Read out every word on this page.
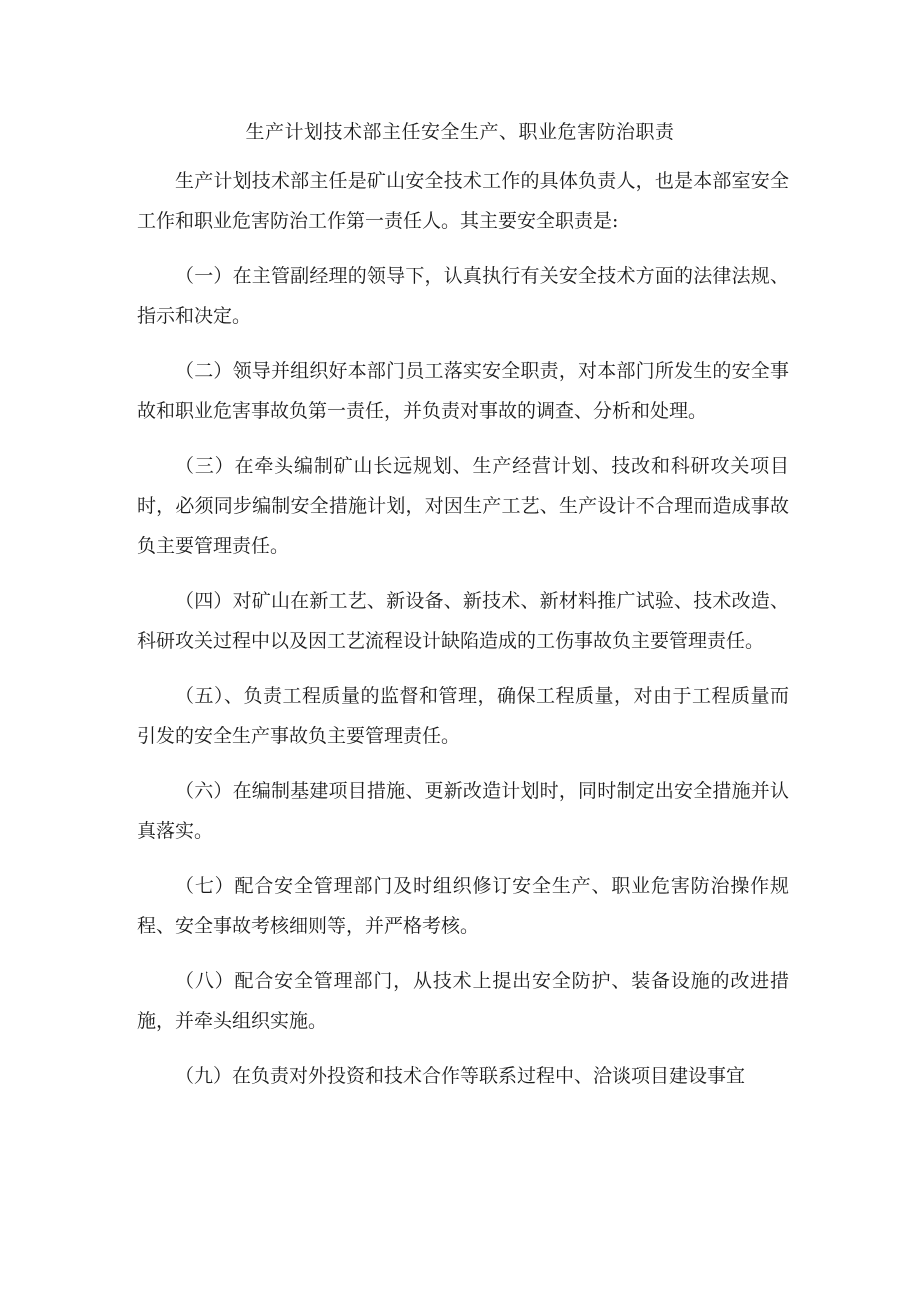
生产计划技术部主任安全生产、职业危害防治职责

生产计划技术部主任是矿山安全技术工作的具体负责人，也是本部室安全工作和职业危害防治工作第一责任人。其主要安全职责是:

（一）在主管副经理的领导下，认真执行有关安全技术方面的法律法规、指示和决定。

（二）领导并组织好本部门员工落实安全职责，对本部门所发生的安全事故和职业危害事故负第一责任，并负责对事故的调查、分析和处理。

（三）在牵头编制矿山长远规划、生产经营计划、技改和科研攻关项目时，必须同步编制安全措施计划，对因生产工艺、生产设计不合理而造成事故负主要管理责任。

（四）对矿山在新工艺、新设备、新技术、新材料推广试验、技术改造、科研攻关过程中以及因工艺流程设计缺陷造成的工伤事故负主要管理责任。

（五）、负责工程质量的监督和管理，确保工程质量，对由于工程质量而引发的安全生产事故负主要管理责任。

（六）在编制基建项目措施、更新改造计划时，同时制定出安全措施并认真落实。

（七）配合安全管理部门及时组织修订安全生产、职业危害防治操作规程、安全事故考核细则等，并严格考核。

（八）配合安全管理部门，从技术上提出安全防护、装备设施的改进措施，并牵头组织实施。

（九）在负责对外投资和技术合作等联系过程中、洽谈项目建设事宜
